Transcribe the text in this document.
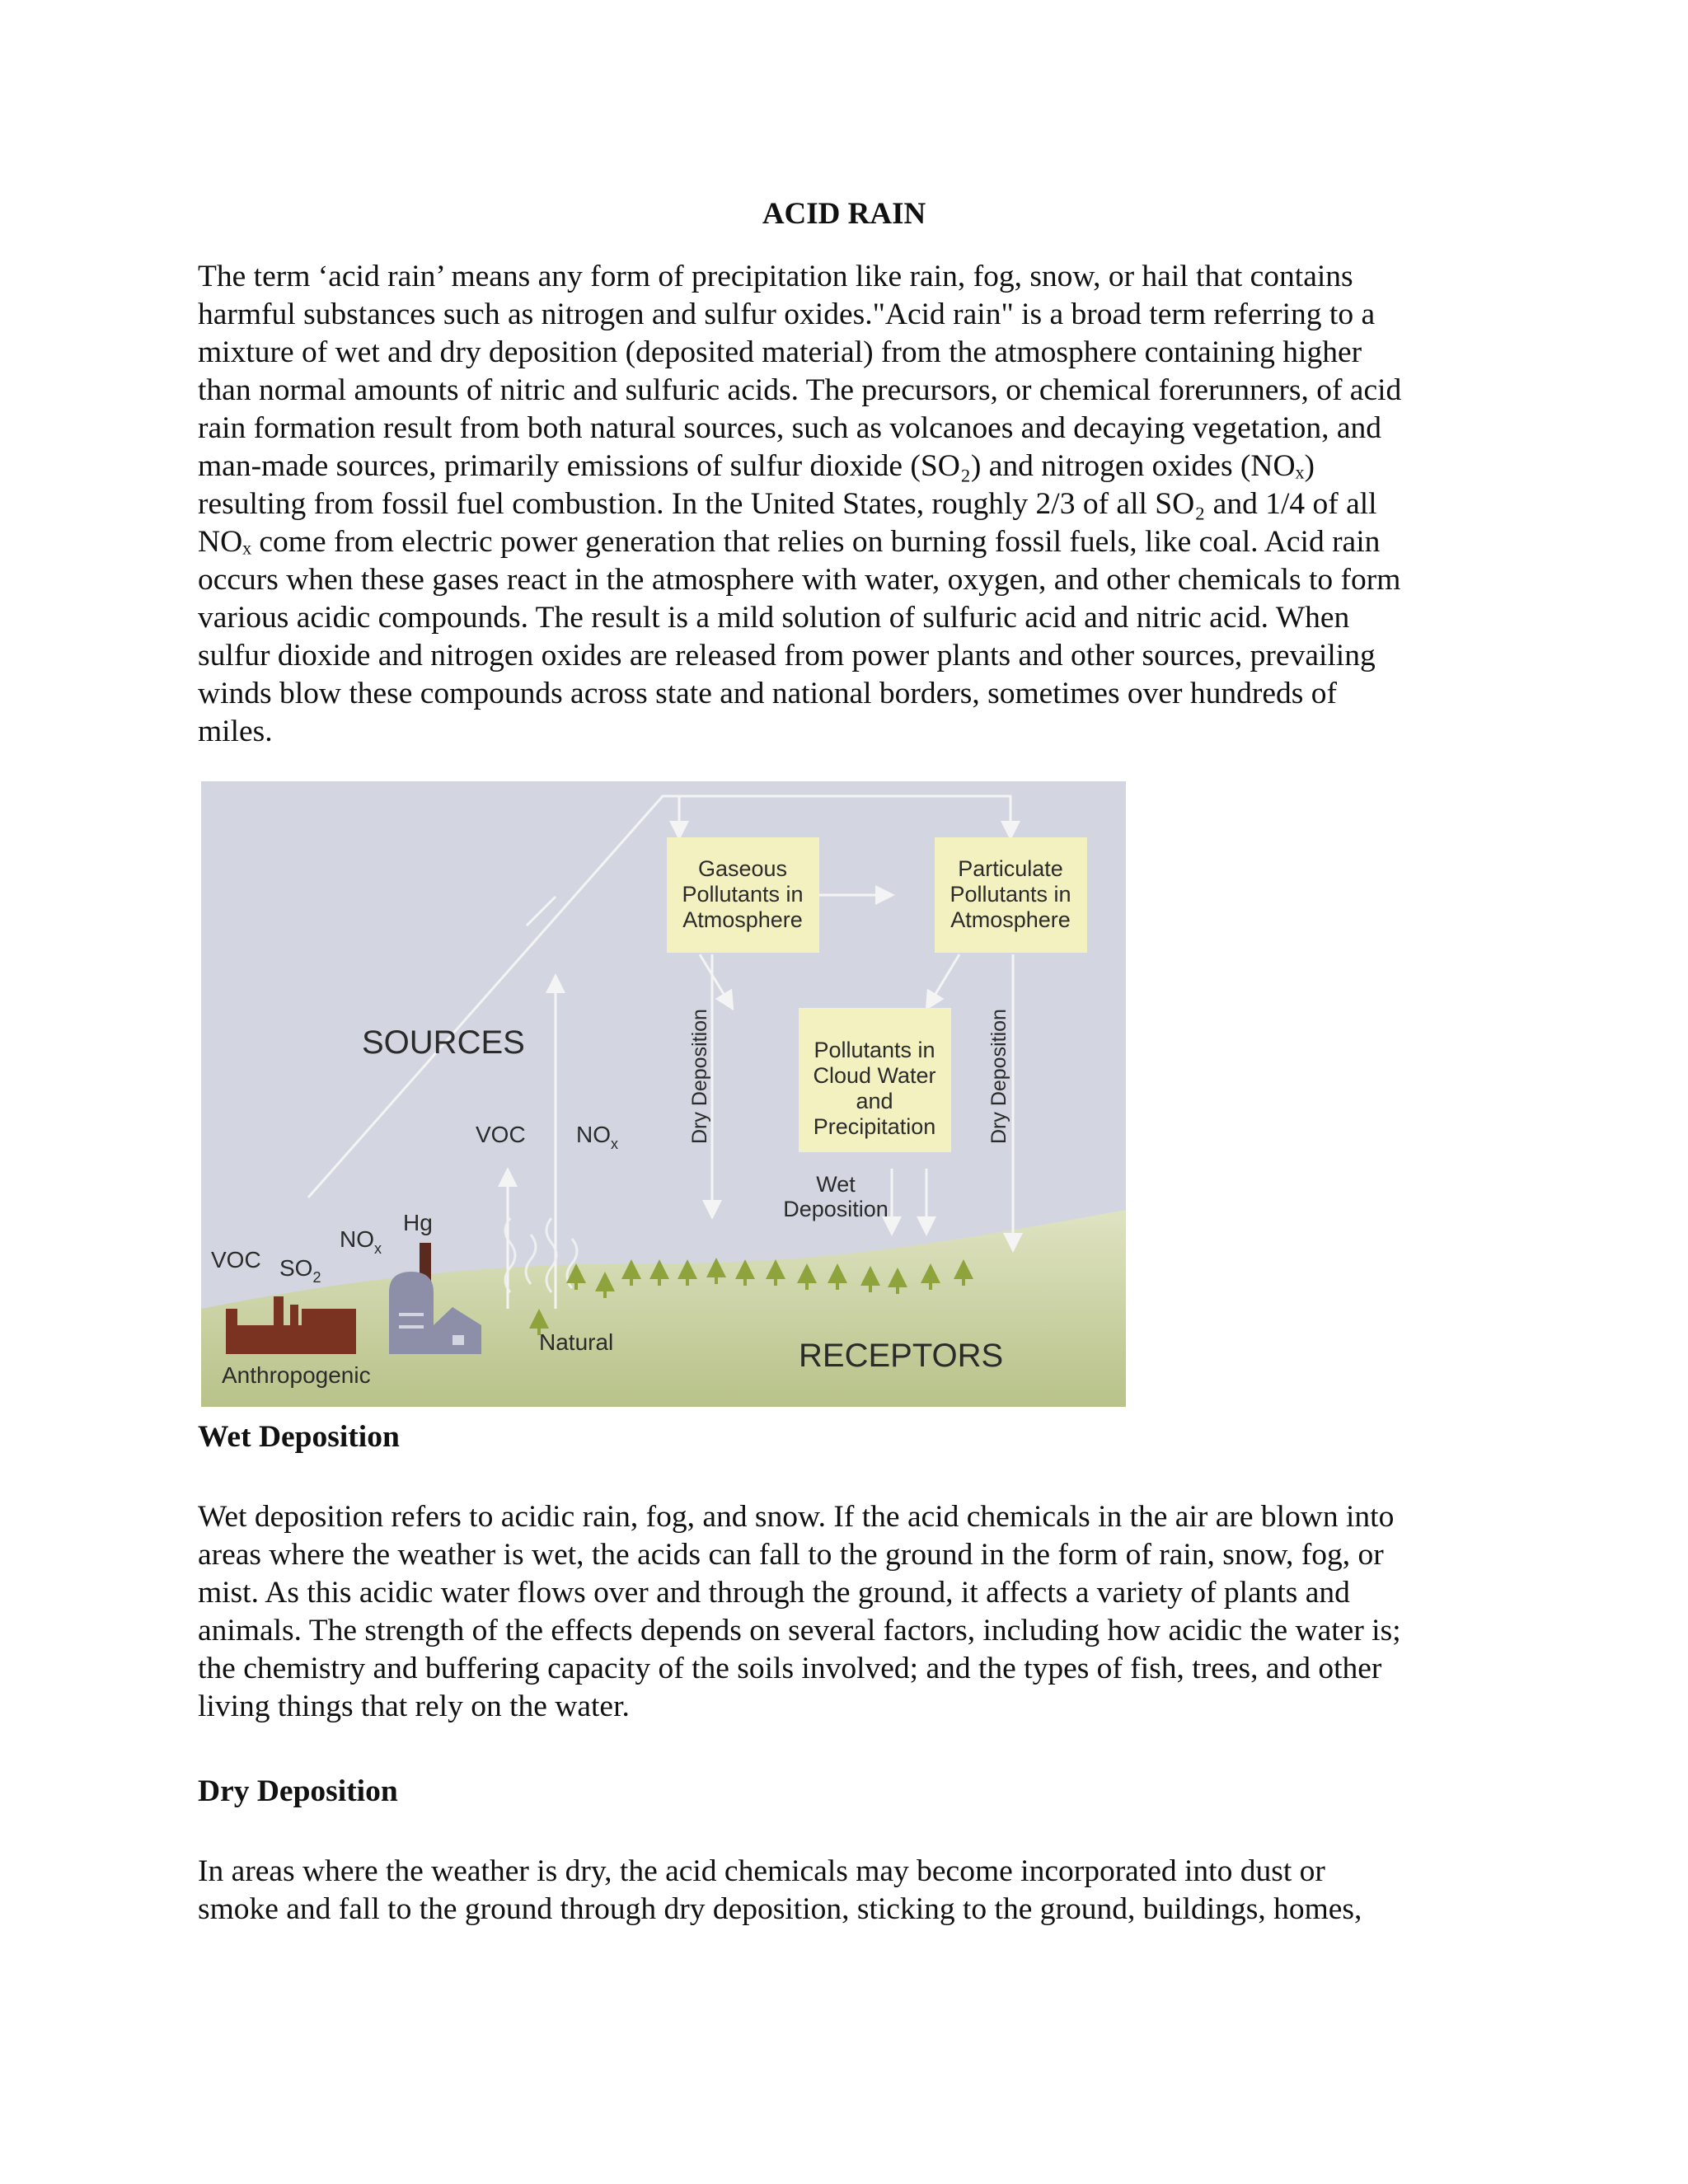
ACID RAIN

The term ‘acid rain’ means any form of precipitation like rain, fog, snow, or hail that contains
harmful substances such as nitrogen and sulfur oxides."Acid rain" is a broad term referring to a
mixture of wet and dry deposition (deposited material) from the atmosphere containing higher
than normal amounts of nitric and sulfuric acids. The precursors, or chemical forerunners, of acid
rain formation result from both natural sources, such as volcanoes and decaying vegetation, and
man-made sources, primarily emissions of sulfur dioxide (SO₂) and nitrogen oxides (NOₓ)
resulting from fossil fuel combustion. In the United States, roughly 2/3 of all SO₂ and 1/4 of all
NOₓ come from electric power generation that relies on burning fossil fuels, like coal. Acid rain
occurs when these gases react in the atmosphere with water, oxygen, and other chemicals to form
various acidic compounds. The result is a mild solution of sulfuric acid and nitric acid. When
sulfur dioxide and nitrogen oxides are released from power plants and other sources, prevailing
winds blow these compounds across state and national borders, sometimes over hundreds of
miles.

Gaseous
Pollutants in
Atmosphere
Particulate
Pollutants in
Atmosphere
Pollutants in
Cloud Water
and
Precipitation
SOURCES
RECEPTORS
Dry Deposition	Dry Deposition
Wet
Deposition
VOC $NO_x$
VOC $SO_2$
$NO_x$
Hg
Natural
Anthropogenic
Wet Deposition

Wet deposition refers to acidic rain, fog, and snow. If the acid chemicals in the air are blown into
areas where the weather is wet, the acids can fall to the ground in the form of rain, snow, fog, or
mist. As this acidic water flows over and through the ground, it affects a variety of plants and
animals. The strength of the effects depends on several factors, including how acidic the water is;
the chemistry and buffering capacity of the soils involved; and the types of fish, trees, and other
living things that rely on the water.

Dry Deposition

In areas where the weather is dry, the acid chemicals may become incorporated into dust or
smoke and fall to the ground through dry deposition, sticking to the ground, buildings, homes,
